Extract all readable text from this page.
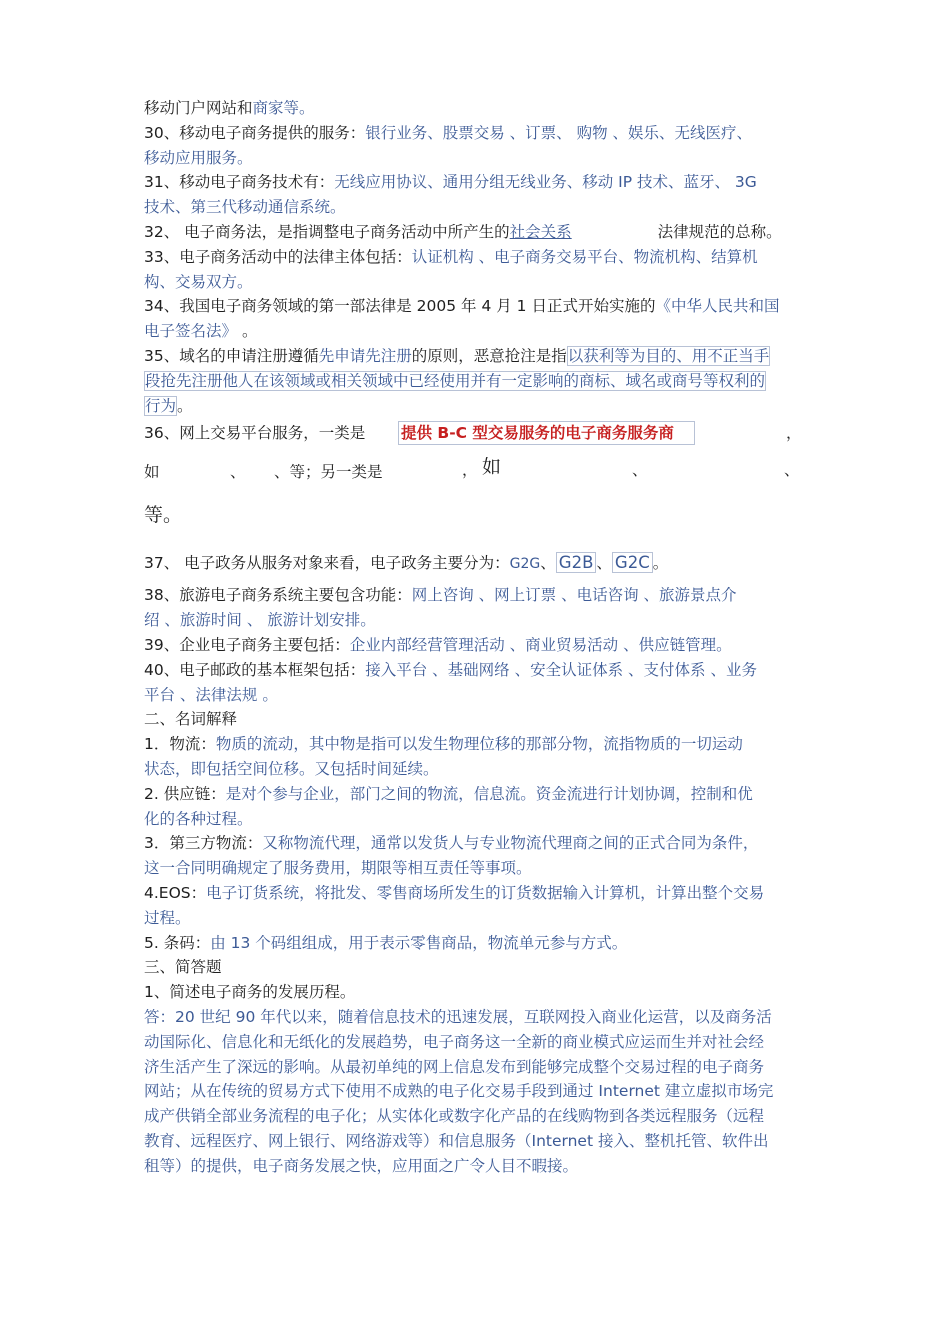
移动门户网站和商家等。

30、移动电子商务提供的服务：银行业务、股票交易 、订票、 购物 、娱乐、无线医疗、
移动应用服务。

31、移动电子商务技术有：无线应用协议、通用分组无线业务、移动 IP 技术、蓝牙、 3G
技术、第三代移动通信系统。

32、 电子商务法，是指调整电子商务活动中所产生的社会关系	法律规范的总称。

33、电子商务活动中的法律主体包括：认证机构 、电子商务交易平台、物流机构、结算机
构、交易双方。

34、我国电子商务领域的第一部法律是 2005 年 4 月 1 日正式开始实施的《中华人民共和国
电子签名法》 。

35、域名的申请注册遵循先申请先注册的原则，恶意抢注是指以获利等为目的、用不正当手
段抢先注册他人在该领域或相关领域中已经使用并有一定影响的商标、域名或商号等权利的
行为。

36、网上交易平台服务，一类是 提供 B-C 型交易服务的电子商务服务商	，
如	、 、等；另一类是	， 如	、	、
等。

37、 电子政务从服务对象来看，电子政务主要分为：G2G、 G2B 、 G2C 。

38、旅游电子商务系统主要包含功能：网上咨询 、网上订票 、电话咨询 、旅游景点介
绍 、旅游时间 、 旅游计划安排。

39、企业电子商务主要包括：企业内部经营管理活动 、商业贸易活动 、供应链管理。

40、电子邮政的基本框架包括：接入平台 、基础网络 、安全认证体系 、支付体系 、业务
平台 、法律法规 。

二、名词解释

1．物流：物质的流动，其中物是指可以发生物理位移的那部分物，流指物质的一切运动
状态，即包括空间位移。又包括时间延续。

2. 供应链：是对个参与企业，部门之间的物流，信息流。资金流进行计划协调，控制和优
化的各种过程。

3．第三方物流：又称物流代理，通常以发货人与专业物流代理商之间的正式合同为条件，
这一合同明确规定了服务费用，期限等相互责任等事项。

4.EOS：电子订货系统，将批发、零售商场所发生的订货数据输入计算机，计算出整个交易
过程。

5. 条码：由 13 个码组组成，用于表示零售商品，物流单元参与方式。

三、简答题

1、简述电子商务的发展历程。

答：20 世纪 90 年代以来，随着信息技术的迅速发展，互联网投入商业化运营，以及商务活
动国际化、信息化和无纸化的发展趋势，电子商务这一全新的商业模式应运而生并对社会经
济生活产生了深远的影响。从最初单纯的网上信息发布到能够完成整个交易过程的电子商务
网站；从在传统的贸易方式下使用不成熟的电子化交易手段到通过 Internet 建立虚拟市场完
成产供销全部业务流程的电子化；从实体化或数字化产品的在线购物到各类远程服务（远程
教育、远程医疗、网上银行、网络游戏等）和信息服务（Internet 接入、整机托管、软件出
租等）的提供，电子商务发展之快，应用面之广令人目不暇接。
